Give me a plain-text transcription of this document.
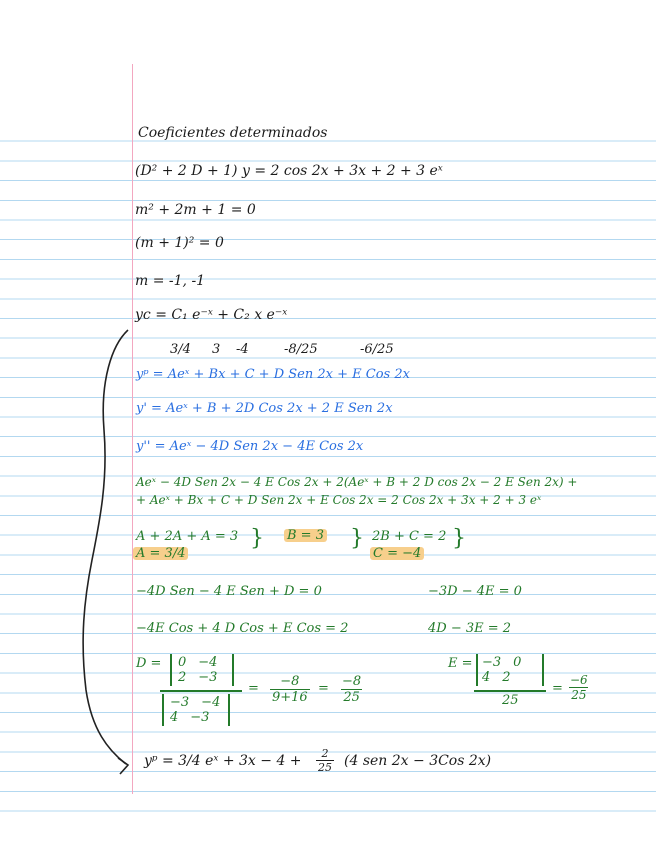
Coeficientes determinados
(D² + 2 D + 1) y = 2 cos 2x + 3x + 2 + 3 eˣ
m² + 2m + 1 = 0
(m + 1)² = 0
m = -1, -1
yc = C₁ e⁻ˣ + C₂ x e⁻ˣ
3/4 3 -4	-8/25	-6/25
yᵖ = Aeˣ + Bx + C + D Sen 2x + E Cos 2x
y' = Aeˣ + B + 2D Cos 2x + 2 E Sen 2x
y'' = Aeˣ − 4D Sen 2x − 4E Cos 2x
Aeˣ − 4D Sen 2x − 4 E Cos 2x + 2(Aeˣ + B + 2 D cos 2x − 2 E Sen 2x) +
+ Aeˣ + Bx + C + D Sen 2x + E Cos 2x = 2 Cos 2x + 3x + 2 + 3 eˣ
A + 2A + A = 3
A = 3/4
} B = 3 } 2B + C = 2
C = −4
}
−4D Sen − 4 E Sen + D = 0	−3D − 4E = 0
−4E Cos + 4 D Cos + E Cos = 2	4D − 3E = 2
D = 0 −4
2 −3
−3 −4
4 −3
= $\frac{-8}{9+16} = \frac{-8}{25}$
E = −3 0
4 2
25
= $\frac{-6}{25}$
yᵖ = 3/4 eˣ + $3x - 4 + \frac{2}{25} (4$ sen 2x − 3Cos 2x)
